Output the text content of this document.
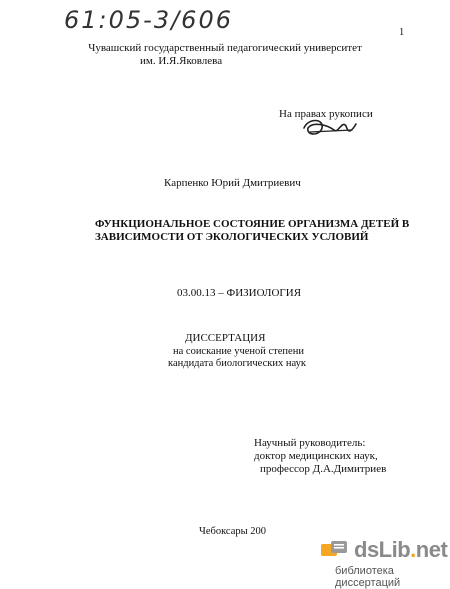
61:05-3/606	1
Чувашский государственный педагогический университет
им. И.Я.Яковлева
На правах рукописи
Карпенко Юрий Дмитриевич
ФУНКЦИОНАЛЬНОЕ СОСТОЯНИЕ ОРГАНИЗМА ДЕТЕЙ В
ЗАВИСИМОСТИ ОТ ЭКОЛОГИЧЕСКИХ УСЛОВИЙ
03.00.13 – ФИЗИОЛОГИЯ
ДИССЕРТАЦИЯ
на соискание ученой степени
кандидата биологических наук
Научный руководитель:
доктор медицинских наук,
профессор Д.А.Димитриев
Чебоксары 200
dsLib.net
библиотека диссертаций
